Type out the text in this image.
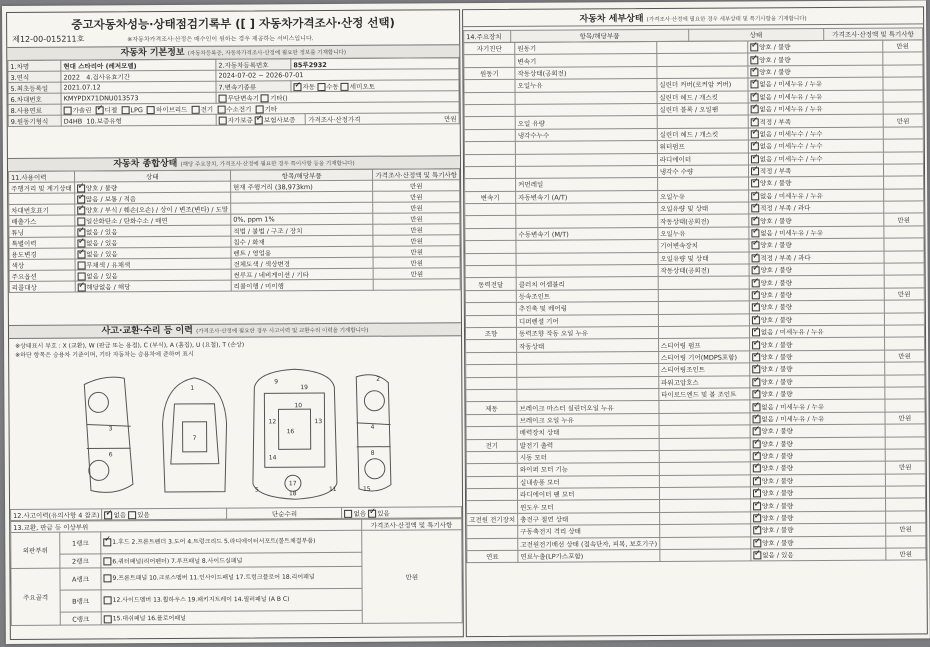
중고자동차성능·상태점검기록부 ([ ] 자동차가격조사·산정 선택)
제12-00-015211호	※자동차가격조사·산정은 매수인이 원하는 경우 제공하는 서비스입니다.
자동차 기본정보 (자동차등록증, 자동차가격조사·산정에 필요한 정보를 기재합니다)
1.차명	현대 스타리아 (레저모델)	2.자동차등록번호	85루2932	
3.연식	2022 4.검사유효기간	2024-07-02 ~ 2026-07-01		
5.최초등록일	2021.07.12	7.변속기종류	✓자동 수동 세미오토
6.차대번호	KMYPDX71DNU013573	무단변속기 기타()		
8.사용연료	가솔린 ✓ 디젤 LPG 하이브리드 전기 수소전기 기타
9.원동기형식	D4HB 10.보증유형	자가보증 ✓ 보험사보증		가격조사·산정가격 만원
자동차 종합상태 (해당 주요장치, 가격조사·산정에 필요한 경우 특이사항 등을 기재합니다)
11.사용이력	상태	항목/해당부품	가격조사·산정액 및 특기사항
주행거리 및 계기상태	✓양호 / 불량	현재 주행거리 (38,973km)	만원
	✓많음 / 보통 / 적음		만원
차대번호표기	✓양호 / 부식 / 훼손(오손) / 상이 / 변조(변타) / 도말		만원
배출가스	일산화탄소 / 탄화수소 / 매연	0%, ppm 1%	만원
튜닝	✓없음 / 있음	적법 / 불법 / 구조 / 장치	만원
특별이력	✓없음 / 있음	침수 / 화재	만원
용도변경	✓없음 / 있음	렌트 / 영업용	만원
색상	무채색 / 유채색	전체도색 / 색상변경	만원
주요옵션	없음 / 있음	썬루프 / 네비게이션 / 기타	만원
리콜대상	✓해당없음 / 해당	리콜이행 / 미이행	
사고·교환·수리 등 이력 (가격조사·산정에 필요한 경우 사고이력 및 교환수리 이력을 기재합니다)
※상태표시 부호 : X (교환), W (판금 또는 용접), C (부식), A (흠집), U (요철), T (손상)
※하단 항목은 승용차 기준이며, 기타 자동차는 승용차에 준하여 표시
3
6
7
1
9
10
12	13
16
14
17
18
19
4
8
2
5	11	15
12.사고이력(유의사항 4 참조)	✓없음 있음	단순수리	없음 ✓ 있음
13.교환, 판금 등 이상부위			가격조사·산정액 및 특기사항
외판부위	1랭크	✓1.후드 2.프론트펜더 3.도어 4.트렁크리드 5.라디에이터서포트(볼트체결부품)	만원
	2랭크	6.쿼터패널(리어펜더) 7.루프패널 8.사이드실패널	
주요골격	A랭크	9.프론트패널 10.크로스멤버 11.인사이드패널 17.트렁크플로어 18.리어패널	
	B랭크	12.사이드멤버 13.휠하우스 19.패키지트레이 14.필러패널 (A B C)	
	C랭크	15.대쉬패널 16.플로어패널	
자동차 세부상태 (가격조사·산정에 필요한 경우 세부상태 및 특기사항을 기재합니다)
14.주요장치	항목/해당부품	상태	가격조사·산정액 및 특기사항
자기진단	원동기		✓양호 / 불량	만원
	변속기		✓양호 / 불량	
원동기	작동상태(공회전)		✓양호 / 불량	
	오일누유	실린더 커버(로커암 커버)	✓없음 / 미세누유 / 누유	
		실린더 헤드 / 개스킷	✓없음 / 미세누유 / 누유	
		실린더 블록 / 오일팬	✓없음 / 미세누유 / 누유	
	오일 유량		✓적정 / 부족	만원
	냉각수누수	실린더 헤드 / 개스킷	✓없음 / 미세누수 / 누수	
		워터펌프	✓없음 / 미세누수 / 누수	
		라디에이터	✓없음 / 미세누수 / 누수	
		냉각수 수량	✓적정 / 부족	
	커먼레일		✓양호 / 불량	
변속기	자동변속기 (A/T)	오일누유	✓없음 / 미세누유 / 누유	
		오일유량 및 상태	✓적정 / 부족 / 과다	
		작동상태(공회전)	✓양호 / 불량	만원
	수동변속기 (M/T)	오일누유	✓없음 / 미세누유 / 누유	
		기어변속장치	✓양호 / 불량	
		오일유량 및 상태	✓적정 / 부족 / 과다	
		작동상태(공회전)	✓양호 / 불량	
동력전달	클러치 어셈블리		✓양호 / 불량	
	등속조인트		✓양호 / 불량	만원
	추진축 및 베어링		✓양호 / 불량	
	디퍼렌셜 기어		✓양호 / 불량	
조향	동력조향 작동 오일 누유		✓없음 / 미세누유 / 누유	
	작동상태	스티어링 펌프	✓양호 / 불량	
		스티어링 기어(MDPS포함)	✓양호 / 불량	만원
		스티어링조인트	✓양호 / 불량	
		파워고압호스	✓양호 / 불량	
		타이로드엔드 및 볼 조인트	✓양호 / 불량	
제동	브레이크 마스터 실린더오일 누유		✓없음 / 미세누유 / 누유	
	브레이크 오일 누유		✓없음 / 미세누유 / 누유	만원
	배력장치 상태		✓양호 / 불량	
전기	발전기 출력		✓양호 / 불량	
	시동 모터		✓양호 / 불량	
	와이퍼 모터 기능		✓양호 / 불량	만원
	실내송풍 모터		✓양호 / 불량	
	라디에이터 팬 모터		✓양호 / 불량	
	윈도우 모터		✓양호 / 불량	
고전원 전기장치	충전구 절연 상태		✓양호 / 불량	
	구동축전지 격리 상태		✓양호 / 불량	만원
	고전원전기배선 상태 (접속단자, 피복, 보호기구)		✓양호 / 불량	
연료	연료누출(LP가스포함)		✓없음 / 있음	만원
